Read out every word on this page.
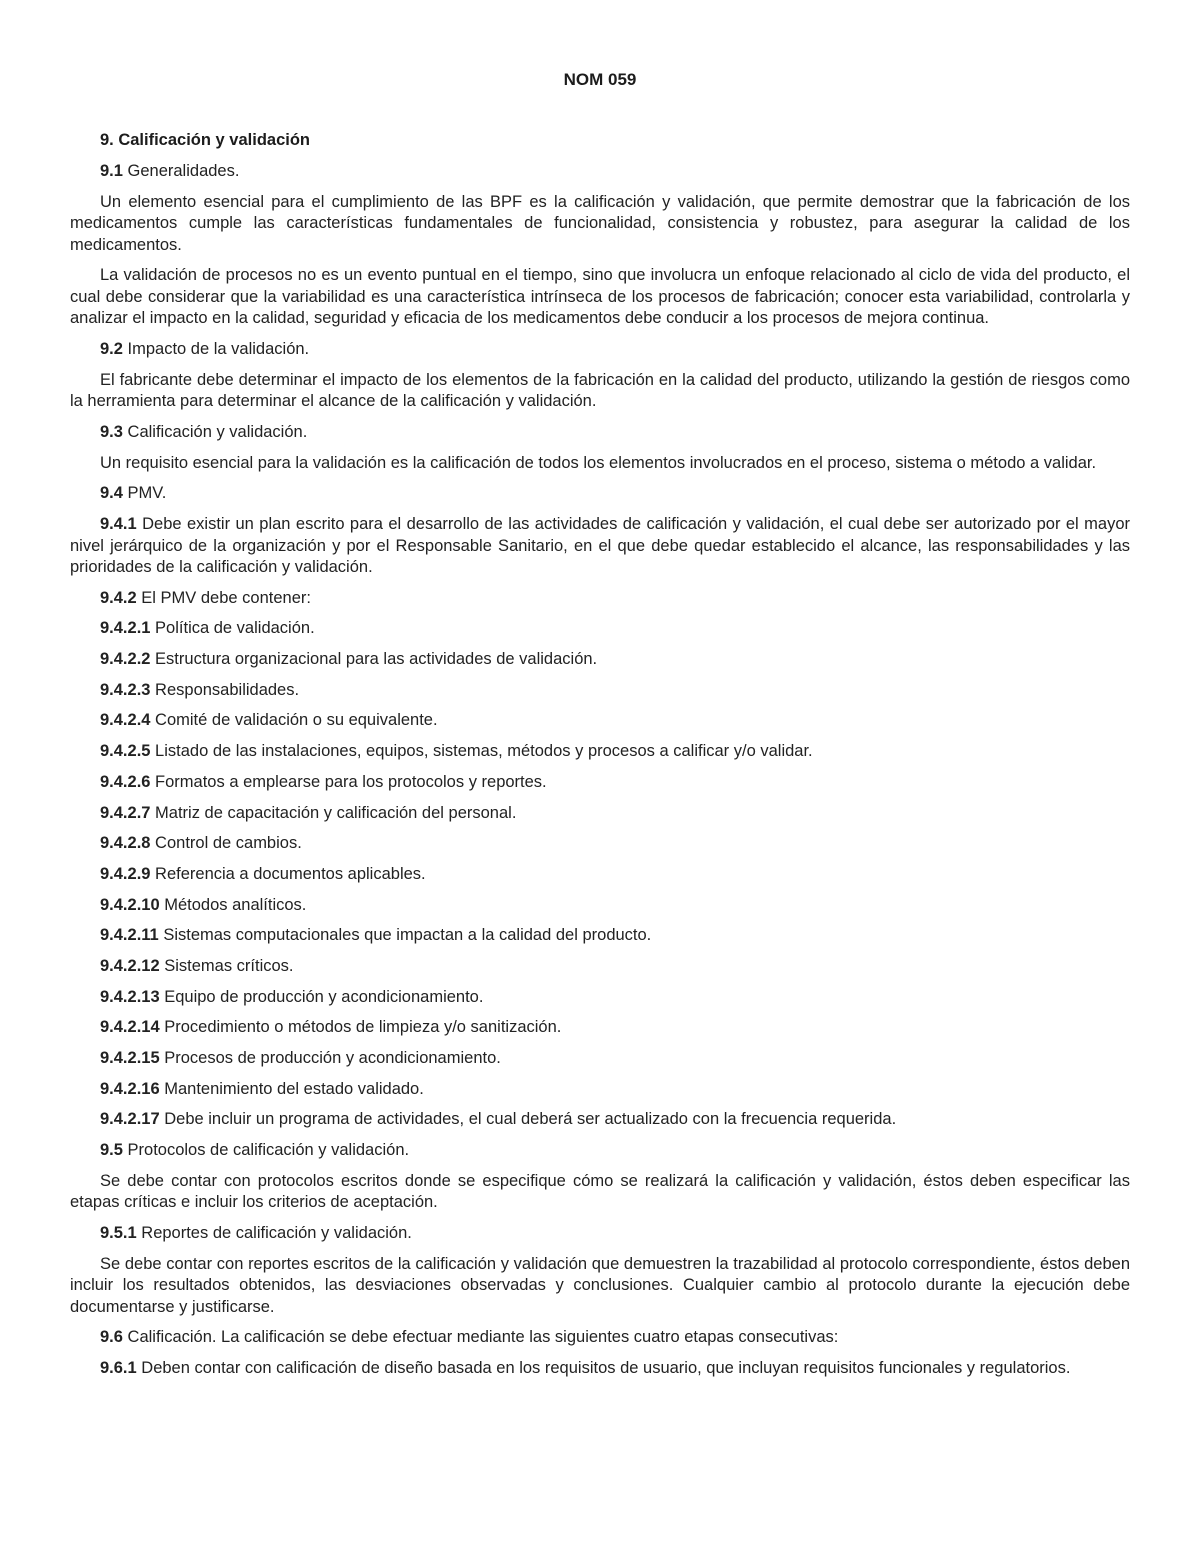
NOM 059
9. Calificación y validación

9.1 Generalidades.

Un elemento esencial para el cumplimiento de las BPF es la calificación y validación, que permite demostrar que la fabricación de los medicamentos cumple las características fundamentales de funcionalidad, consistencia y robustez, para asegurar la calidad de los medicamentos.

La validación de procesos no es un evento puntual en el tiempo, sino que involucra un enfoque relacionado al ciclo de vida del producto, el cual debe considerar que la variabilidad es una característica intrínseca de los procesos de fabricación; conocer esta variabilidad, controlarla y analizar el impacto en la calidad, seguridad y eficacia de los medicamentos debe conducir a los procesos de mejora continua.

9.2 Impacto de la validación.

El fabricante debe determinar el impacto de los elementos de la fabricación en la calidad del producto, utilizando la gestión de riesgos como la herramienta para determinar el alcance de la calificación y validación.

9.3 Calificación y validación.

Un requisito esencial para la validación es la calificación de todos los elementos involucrados en el proceso, sistema o método a validar.

9.4 PMV.

9.4.1 Debe existir un plan escrito para el desarrollo de las actividades de calificación y validación, el cual debe ser autorizado por el mayor nivel jerárquico de la organización y por el Responsable Sanitario, en el que debe quedar establecido el alcance, las responsabilidades y las prioridades de la calificación y validación.

9.4.2 El PMV debe contener:

9.4.2.1 Política de validación.

9.4.2.2 Estructura organizacional para las actividades de validación.

9.4.2.3 Responsabilidades.

9.4.2.4 Comité de validación o su equivalente.

9.4.2.5 Listado de las instalaciones, equipos, sistemas, métodos y procesos a calificar y/o validar.

9.4.2.6 Formatos a emplearse para los protocolos y reportes.

9.4.2.7 Matriz de capacitación y calificación del personal.

9.4.2.8 Control de cambios.

9.4.2.9 Referencia a documentos aplicables.

9.4.2.10 Métodos analíticos.

9.4.2.11 Sistemas computacionales que impactan a la calidad del producto.

9.4.2.12 Sistemas críticos.

9.4.2.13 Equipo de producción y acondicionamiento.

9.4.2.14 Procedimiento o métodos de limpieza y/o sanitización.

9.4.2.15 Procesos de producción y acondicionamiento.

9.4.2.16 Mantenimiento del estado validado.

9.4.2.17 Debe incluir un programa de actividades, el cual deberá ser actualizado con la frecuencia requerida.

9.5 Protocolos de calificación y validación.

Se debe contar con protocolos escritos donde se especifique cómo se realizará la calificación y validación, éstos deben especificar las etapas críticas e incluir los criterios de aceptación.

9.5.1 Reportes de calificación y validación.

Se debe contar con reportes escritos de la calificación y validación que demuestren la trazabilidad al protocolo correspondiente, éstos deben incluir los resultados obtenidos, las desviaciones observadas y conclusiones. Cualquier cambio al protocolo durante la ejecución debe documentarse y justificarse.

9.6 Calificación. La calificación se debe efectuar mediante las siguientes cuatro etapas consecutivas:

9.6.1 Deben contar con calificación de diseño basada en los requisitos de usuario, que incluyan requisitos funcionales y regulatorios.
